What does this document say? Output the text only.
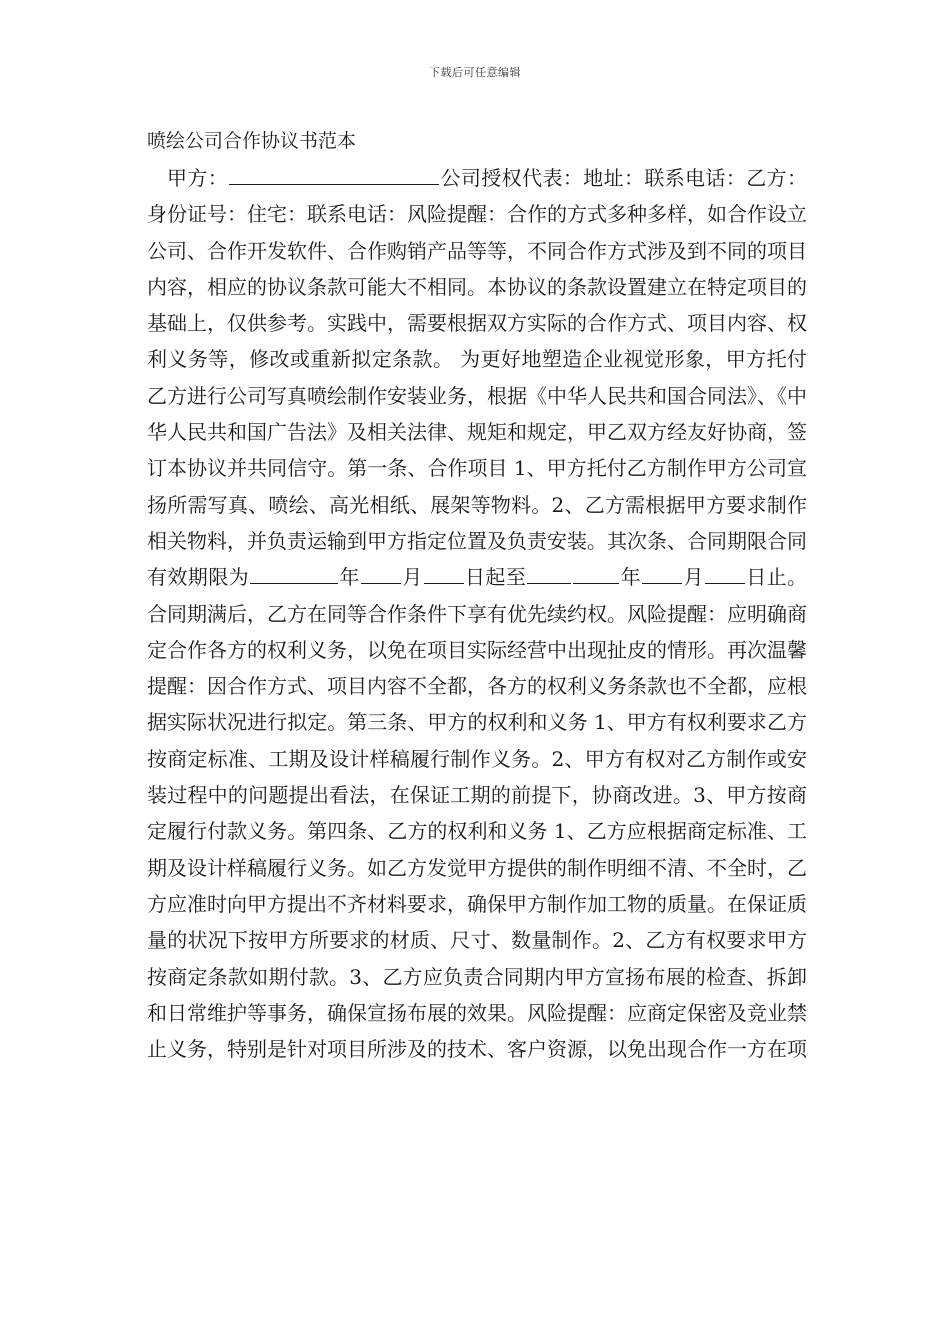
下载后可任意编辑
喷绘公司合作协议书范本
甲方：	公司授权代表：地址：联系电话：乙方：身份证号：住宅：联系电话：风险提醒：合作的方式多种多样，如合作设立公司、合作开发软件、合作购销产品等等，不同合作方式涉及到不同的项目内容，相应的协议条款可能大不相同。本协议的条款设置建立在特定项目的基础上，仅供参考。实践中，需要根据双方实际的合作方式、项目内容、权利义务等，修改或重新拟定条款。 为更好地塑造企业视觉形象，甲方托付乙方进行公司写真喷绘制作安装业务，根据《中华人民共和国合同法》、《中华人民共和国广告法》及相关法律、规矩和规定，甲乙双方经友好协商，签订本协议并共同信守。第一条、合作项目 1、甲方托付乙方制作甲方公司宣扬所需写真、喷绘、高光相纸、展架等物料。2、乙方需根据甲方要求制作相关物料，并负责运输到甲方指定位置及负责安装。其次条、合同期限合同有效期限为	年 月 日起至	年 月 日止。合同期满后，乙方在同等合作条件下享有优先续约权。风险提醒：应明确商定合作各方的权利义务，以免在项目实际经营中出现扯皮的情形。再次温馨提醒：因合作方式、项目内容不全都，各方的权利义务条款也不全都，应根据实际状况进行拟定。第三条、甲方的权利和义务 1、甲方有权利要求乙方按商定标准、工期及设计样稿履行制作义务。2、甲方有权对乙方制作或安装过程中的问题提出看法，在保证工期的前提下，协商改进。3、甲方按商定履行付款义务。第四条、乙方的权利和义务 1、乙方应根据商定标准、工期及设计样稿履行义务。如乙方发觉甲方提供的制作明细不清、不全时，乙方应准时向甲方提出不齐材料要求，确保甲方制作加工物的质量。在保证质量的状况下按甲方所要求的材质、尺寸、数量制作。2、乙方有权要求甲方按商定条款如期付款。3、乙方应负责合同期内甲方宣扬布展的检查、拆卸和日常维护等事务，确保宣扬布展的效果。风险提醒：应商定保密及竞业禁止义务，特别是针对项目所涉及的技术、客户资源，以免出现合作一方在项
